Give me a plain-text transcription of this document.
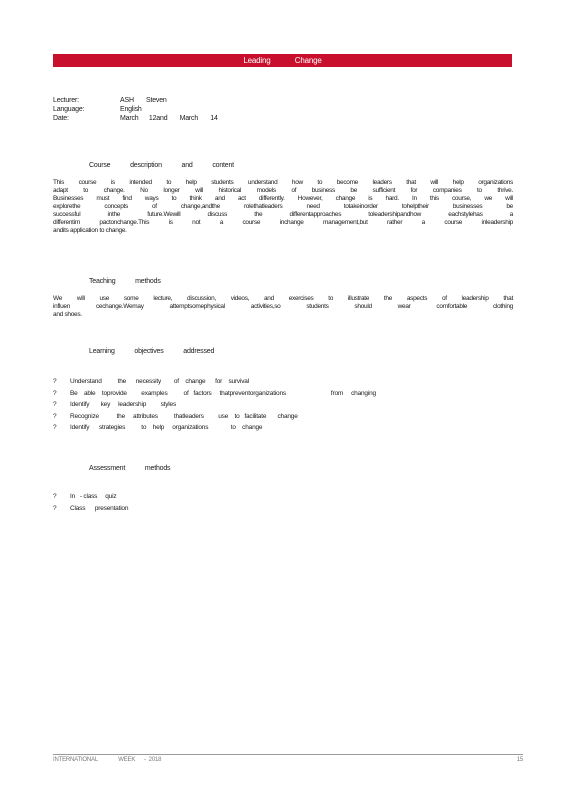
Leading            Change
Lecturer:	ASH       Steven
Language:	English
Date:	March      12and       March       14
Course description and content
This course is intended to help students understand how to become leaders that will help organizations
adapt to change. No longer will historical models of business be sufficient for companies to thrive.
Businesses must find ways to think and act differently. However, change is hard. In this course, we will
explorethe concepts of change,andthe rolethatleaders need totakeinorder tohelptheir businesses be
successful inthe future.Wewill discuss the differentapproaches toleadershipandhow eachstylehas a
differentim pactonchange.This is not a course inchange management,but rather a course inleadership
andits application to change.
Teaching methods
We will use some lecture, discussion, videos, and exercises to illustrate the aspects of leadership that
influen cechange.Wemay attemptsomephysical activities,so students should wear comfortable clothing
and shoes.
Learning objectives addressed
?	Understand          the      necessity        of    change      for    survival
?	Be    able    toprovide         examples          of   factors     thatpreventorganizations                            from     changing
?	Identify       key     leadership         styles
?	Recognize           the     attributes          thatleaders         use    to   facilitate       change
?	Identify      strategies          to    help     organizations              to    change
Assessment methods
?	In   - class     quiz
?	Class      presentation
INTERNATIONAL              WEEK      -  2018	15
